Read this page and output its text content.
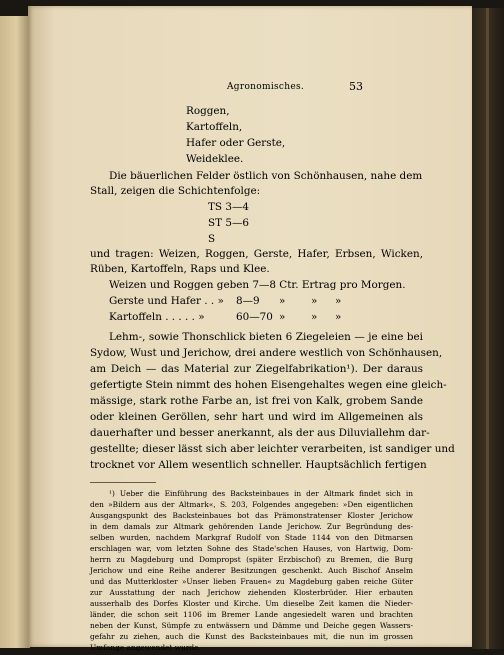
Agronomisches.	53
Roggen,
Kartoffeln,
Hafer oder Gerste,
Weideklee.
Die bäuerlichen Felder östlich von Schönhausen, nahe dem
Stall, zeigen die Schichtenfolge:
TS 3—4
ST 5—6
S
und tragen: Weizen, Roggen, Gerste, Hafer, Erbsen, Wicken,
Rüben, Kartoffeln, Raps und Klee.
Weizen und Roggen geben 7—8 Ctr. Ertrag pro Morgen.
Gerste und Hafer . . » 8—9 » » »
Kartoffeln . . . . . »	60—70 » » »
Lehm-, sowie Thonschlick bieten 6 Ziegeleien — je eine bei
Sydow, Wust und Jerichow, drei andere westlich von Schönhausen,
am Deich — das Material zur Ziegelfabrikation¹). Der daraus
gefertigte Stein nimmt des hohen Eisengehaltes wegen eine gleich-
mässige, stark rothe Farbe an, ist frei von Kalk, grobem Sande
oder kleinen Geröllen, sehr hart und wird im Allgemeinen als
dauerhafter und besser anerkannt, als der aus Diluviallehm dar-
gestellte; dieser lässt sich aber leichter verarbeiten, ist sandiger und
trocknet vor Allem wesentlich schneller. Hauptsächlich fertigen
¹) Ueber die Einführung des Backsteinbaues in der Altmark findet sich in
den »Bildern aus der Altmark«, S. 203, Folgendes angegeben: »Den eigentlichen
Ausgangspunkt des Backsteinbaues bot das Prämonstratenser Kloster Jerichow
in dem damals zur Altmark gehörenden Lande Jerichow. Zur Begründung des-
selben wurden, nachdem Markgraf Rudolf von Stade 1144 von den Ditmarsen
erschlagen war, vom letzten Sohne des Stade'schen Hauses, von Hartwig, Dom-
herrn zu Magdeburg und Dompropst (später Erzbischof) zu Bremen, die Burg
Jerichow und eine Reihe anderer Besitzungen geschenkt. Auch Bischof Anselm
und das Mutterkloster »Unser lieben Frauen« zu Magdeburg gaben reiche Güter
zur Ausstattung der nach Jerichow ziehenden Klosterbrüder. Hier erbauten
ausserhalb des Dorfes Kloster und Kirche. Um dieselbe Zeit kamen die Nieder-
länder, die schon seit 1106 im Bremer Lande angesiedelt waren und brachten
neben der Kunst, Sümpfe zu entwässern und Dämme und Deiche gegen Wassers-
gefahr zu ziehen, auch die Kunst des Backsteinbaues mit, die nun im grossen
Umfange angewendet wurde.
